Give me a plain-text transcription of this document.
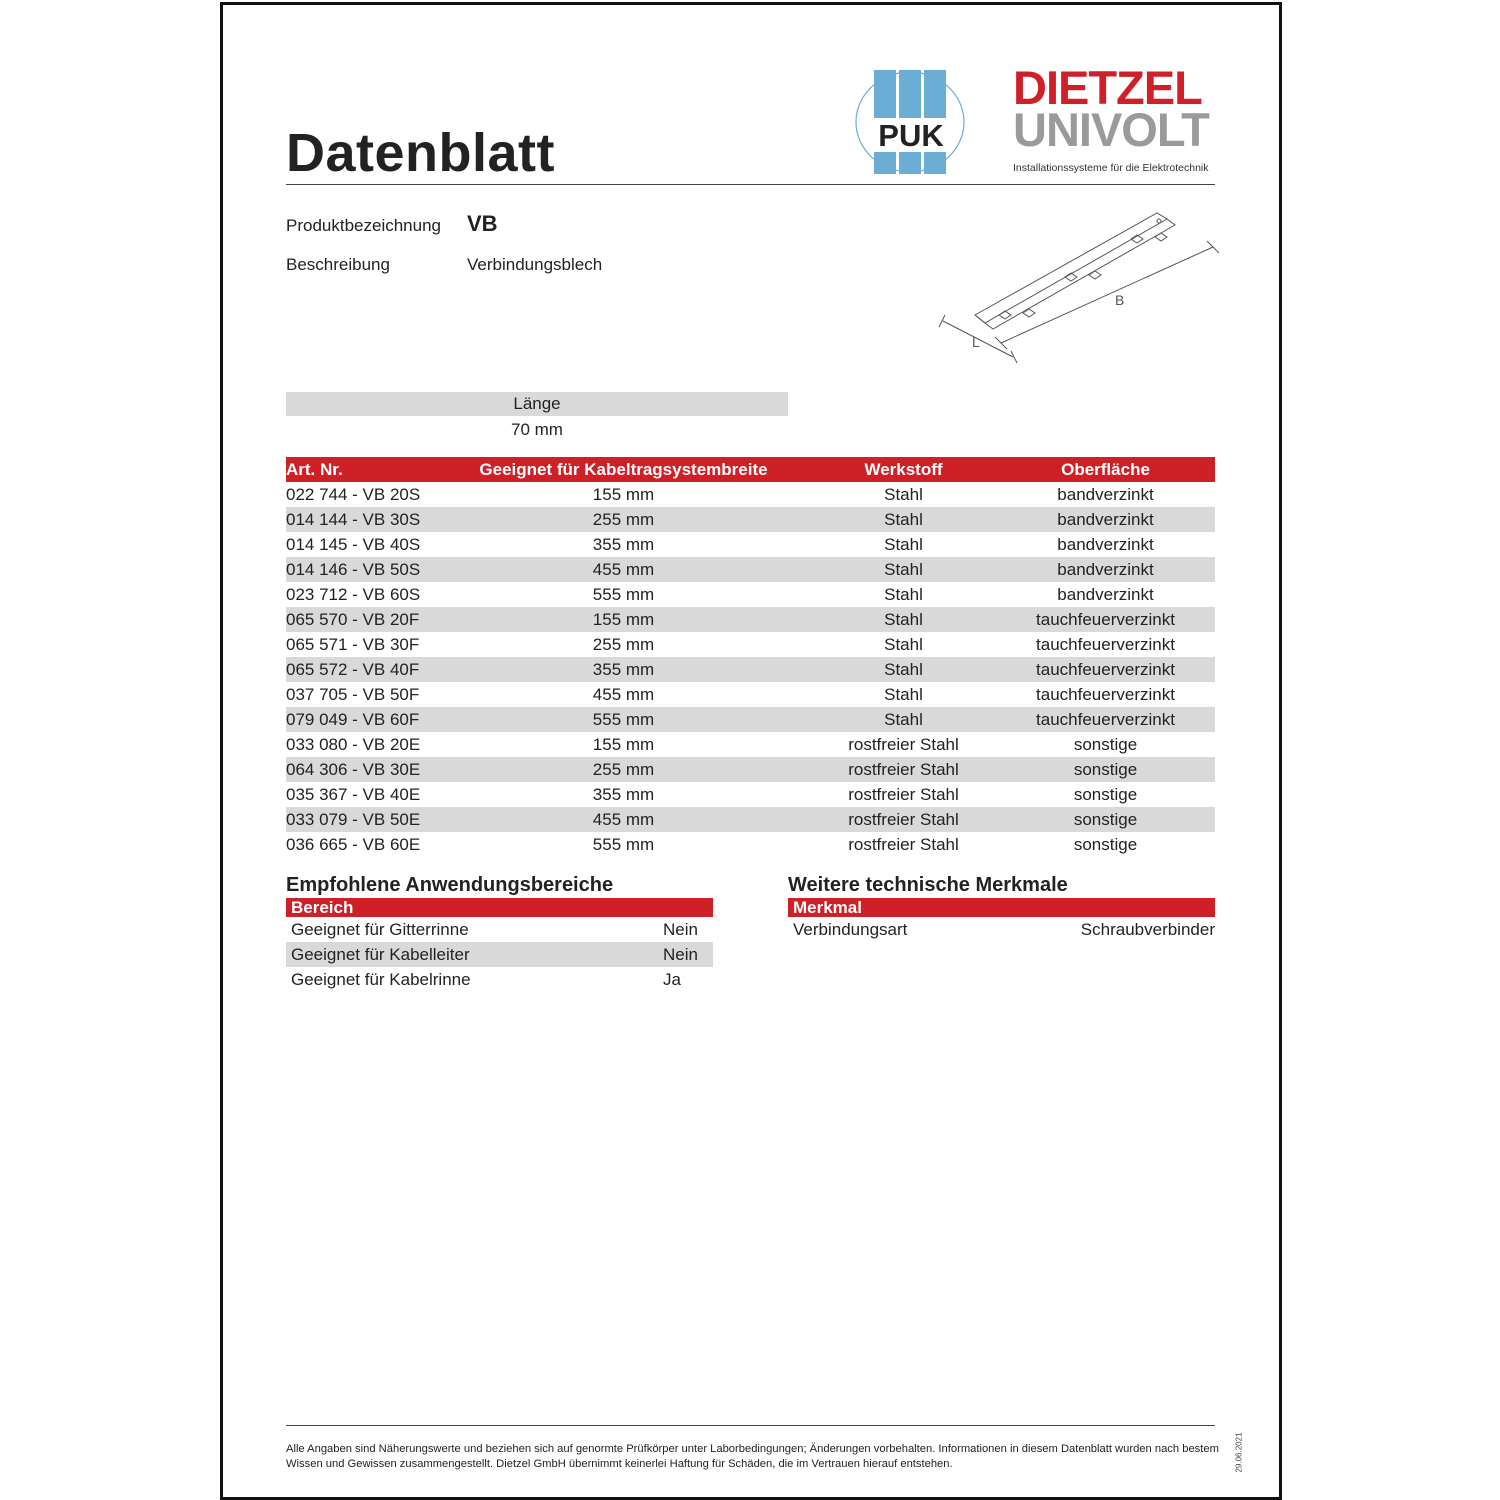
Datenblatt	PUK
DIETZEL
UNIVOLT
Installationssysteme für die Elektrotechnik
Produktbezeichnung VB
Beschreibung	Verbindungsblech
B
L
Länge
70 mm
Art. Nr.	Geeignet für Kabeltragsystembreite	Werkstoff	Oberfläche
022 744 - VB 20S	155 mm	Stahl	bandverzinkt
014 144 - VB 30S	255 mm	Stahl	bandverzinkt
014 145 - VB 40S	355 mm	Stahl	bandverzinkt
014 146 - VB 50S	455 mm	Stahl	bandverzinkt
023 712 - VB 60S	555 mm	Stahl	bandverzinkt
065 570 - VB 20F	155 mm	Stahl	tauchfeuerverzinkt
065 571 - VB 30F	255 mm	Stahl	tauchfeuerverzinkt
065 572 - VB 40F	355 mm	Stahl	tauchfeuerverzinkt
037 705 - VB 50F	455 mm	Stahl	tauchfeuerverzinkt
079 049 - VB 60F	555 mm	Stahl	tauchfeuerverzinkt
033 080 - VB 20E	155 mm	rostfreier Stahl	sonstige
064 306 - VB 30E	255 mm	rostfreier Stahl	sonstige
035 367 - VB 40E	355 mm	rostfreier Stahl	sonstige
033 079 - VB 50E	455 mm	rostfreier Stahl	sonstige
036 665 - VB 60E	555 mm	rostfreier Stahl	sonstige
Empfohlene Anwendungsbereiche
Bereich	
Geeignet für Gitterrinne	Nein
Geeignet für Kabelleiter	Nein
Geeignet für Kabelrinne	Ja
Weitere technische Merkmale
Merkmal
Verbindungsart	Schraubverbinder
Alle Angaben sind Näherungswerte und beziehen sich auf genormte Prüfkörper unter Laborbedingungen; Änderungen vorbehalten. Informationen in diesem Datenblatt wurden nach bestem Wissen und Gewissen zusammengestellt. Dietzel GmbH übernimmt keinerlei Haftung für Schäden, die im Vertrauen hierauf entstehen.	29.06.2021
